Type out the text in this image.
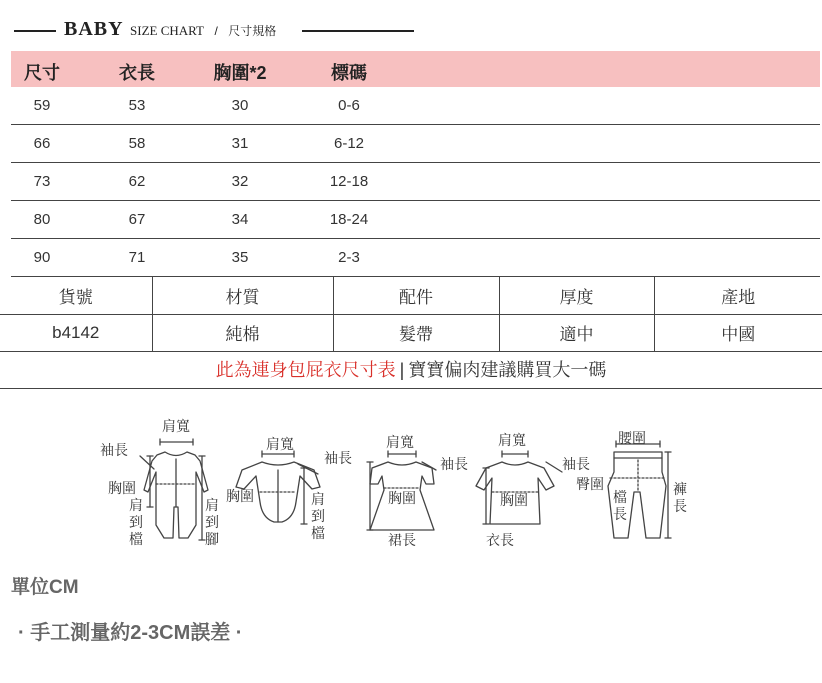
BABY SIZE CHART / 尺寸規格
尺寸	衣長	胸圍*2	標碼
59	53	30	0-6
66	58	31	6-12
73	62	32	12-18
80	67	34	18-24
90	71	35	2-3
貨號	材質	配件	厚度	產地
b4142	純棉	髮帶	適中	中國
此為連身包屁衣尺寸表 | 寶寶偏肉建議購買大一碼
肩寬
袖長
胸圍
肩到檔
肩到腳
肩寬
袖長
胸圍	肩到檔
肩寬
袖長
胸圍
裙長
肩寬
袖長
胸圍
衣長
腰圍
臀圍
檔長
褲長
單位CM
· 手工測量約2-3CM誤差 ·
